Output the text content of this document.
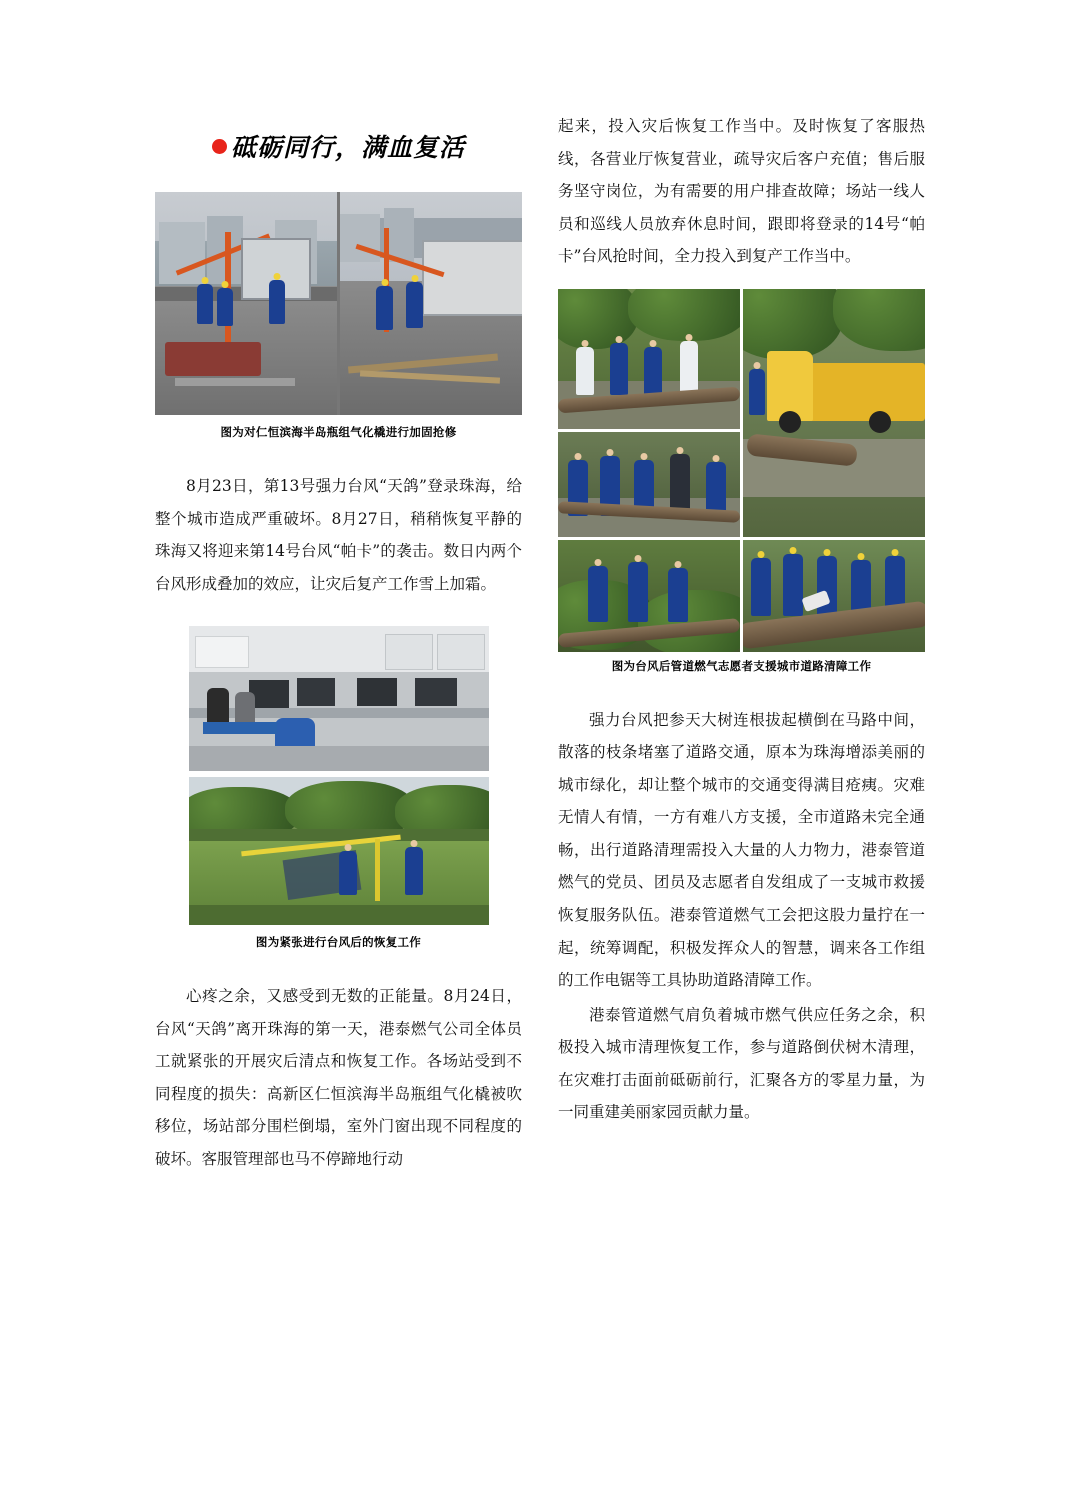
砥砺同行，满血复活
图为对仁恒滨海半岛瓶组气化橇进行加固抢修

8月23日，第13号强力台风“天鸽”登录珠海，给整个城市造成严重破坏。8月27日，稍稍恢复平静的珠海又将迎来第14号台风“帕卡”的袭击。数日内两个台风形成叠加的效应，让灾后复产工作雪上加霜。

图为紧张进行台风后的恢复工作

心疼之余，又感受到无数的正能量。8月24日，台风“天鸽”离开珠海的第一天，港泰燃气公司全体员工就紧张的开展灾后清点和恢复工作。各场站受到不同程度的损失：高新区仁恒滨海半岛瓶组气化橇被吹移位，场站部分围栏倒塌，室外门窗出现不同程度的破坏。客服管理部也马不停蹄地行动

起来，投入灾后恢复工作当中。及时恢复了客服热线，各营业厅恢复营业，疏导灾后客户充值；售后服务坚守岗位，为有需要的用户排查故障；场站一线人员和巡线人员放弃休息时间，跟即将登录的14号“帕卡”台风抢时间，全力投入到复产工作当中。

图为台风后管道燃气志愿者支援城市道路清障工作

强力台风把参天大树连根拔起横倒在马路中间，散落的枝条堵塞了道路交通，原本为珠海增添美丽的城市绿化，却让整个城市的交通变得满目疮痍。灾难无情人有情，一方有难八方支援，全市道路未完全通畅，出行道路清理需投入大量的人力物力，港泰管道燃气的党员、团员及志愿者自发组成了一支城市救援恢复服务队伍。港泰管道燃气工会把这股力量拧在一起，统筹调配，积极发挥众人的智慧，调来各工作组的工作电锯等工具协助道路清障工作。

港泰管道燃气肩负着城市燃气供应任务之余，积极投入城市清理恢复工作，参与道路倒伏树木清理，在灾难打击面前砥砺前行，汇聚各方的零星力量，为一同重建美丽家园贡献力量。
